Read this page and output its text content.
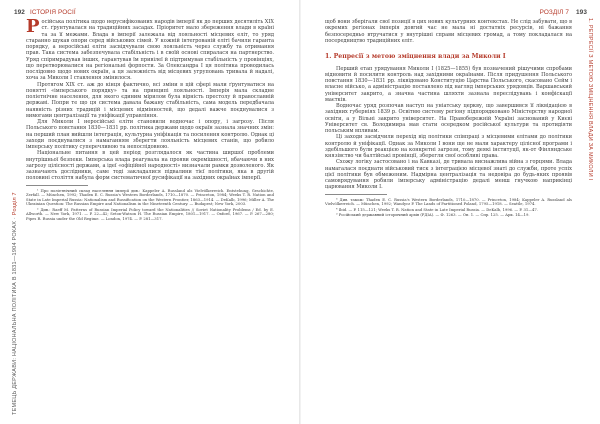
192 ІСТОРІЯ РОСІЇ
ТЕМЕЦЬ ДЕРЖАВИ: НАЦІОНАЛЬНА ПОЛІТИКА В 1831—1904 РОКАХ · Розділ 7

Російська політика щодо нерусифікованих народів імперії як до перших десятиліть XIX ст. ґрунтувалася на традиційних засадах. Пріоритет мало збереження влади в країні та за її межами. Влада в імперії залежала від лояльності місцевих еліт, то уряд старанно шукав опори серед військових сімей. У кожній інтегрованій еліті бачили гаранта порядку, а неросійські еліти засвідчували свою лояльність через службу та отримання прав. Така система забезпечувала стабільність і в своїй основі спиралася на партнерство. Уряд спіримрадував інших, гарантував їм привілеї й підтримував стабільність у провінціях, що перетворювалися на регіональні форпости. За Олександра I ця політика проводилась послідовно щодо нових окраїн, а ця залежність від місцевих угруповань тривала й надалі, хоча за Миколи I ставлення змінилося.

Протягом XIX ст. аж до кінця фактично, всі зміни в цій сфері мали ґрунтуватися на понятті «імперського порядку» та на принципі лояльності. Імперія мала складне поліетнічне населення, для якого єдиним мірилом була вірність престолу й православній державі. Попри те що ця система давала бажану стабільність, сама модель передбачала наявність різних традицій і місцевих відмінностей, що дедалі важче поєднувалися з вимогами централізації та уніфікації управління.

Для Миколи I неросійські еліти становили водночас і опору, і загрозу. Після Польського повстання 1830—1831 рр. політика держави щодо окраїн зазнала значних змін: на перший план вийшли інтеграція, культурна уніфікація та посилення контролю. Однак ці заходи поєднувалися з намаганням зберегти лояльність місцевих станів, що робило імперську політику суперечливою та непослідовною.

Національне питання в цей період розглядалося як частина ширшої проблеми внутрішньої безпеки. Імперська влада реагувала на прояви окремішності, вбачаючи в них загрозу цілісності держави, а ідеї «офіційної народності» визначали рамки дозволеного. Як зазначають дослідники, саме тоді закладалися підвалини тієї політики, яка в другій половині століття набула форм систематичної русифікації на західних окраїнах імперії.

¹ Про поліетнічний склад населення імперії див.: Kappeler A. Russland als Vielvölkerreich. Entstehung, Geschichte, Zerfall. — München, 1992; Thaden E. C. Russia's Western Borderlands, 1710—1870. — Princeton, 1984; Weeks T. R. Nation and State in Late Imperial Russia: Nationalism and Russification on the Western Frontier, 1863—1914. — DeKalb, 1996; Miller A. The Ukrainian Question: The Russian Empire and Nationalism in the Nineteenth Century. — Budapest; New York, 2003.

² Див.: Raeff M. Patterns of Russian Imperial Policy toward the Nationalities // Soviet Nationality Problems / Ed. by E. Allworth. — New York, 1971. — P. 22—42; Seton-Watson H. The Russian Empire, 1801—1917. — Oxford, 1967. — P. 267—280; Pipes R. Russia under the Old Regime. — London, 1974. — P. 281—317.

РОЗДІЛ 7 193
1. РЕПРЕСІЇ З МЕТОЮ ЗМІЦНЕННЯ ВЛАДИ ЗА МИКОЛИ I

щоб вони зберігали свої позиції в цих нових культурних контекстах. Не слід забувати, що в окремих регіонах імперія довгий час не мала ні достатніх ресурсів, ні бажання безпосередньо втручатися у внутрішні справи місцевих громад, а тому покладалася на посередництво традиційних еліт.

1. Репресії з метою зміцнення влади за Миколи I

Перший етап урядування Миколи I (1825—1855) був позначений рішучими спробами відновити й посилити контроль над західними окраїнами. Після придушення Польського повстання 1830—1831 рр. ліквідовано Конституцію Царства Польського, скасовано Сейм і власне військо, а адміністрацію поставлено під нагляд імперських урядовців. Варшавський університет закрито, а значна частина шляхти зазнала переслідувань і конфіскації маєтків.

Водночас уряд розпочав наступ на уніатську церкву, що завершився її ліквідацією в західних губерніях 1839 р. Освітню систему регіону підпорядковано Міністерству народної освіти, а у Вільні закрито університет. На Правобережній Україні заснований у Києві Університет св. Володимира мав стати осередком російської культури та протидіяти польським впливам.

Ці заходи засвідчили перехід від політики співпраці з місцевими елітами до політики контролю й уніфікації. Однак за Миколи I вони ще не мали характеру цілісної програми і здебільшого були реакцією на конкретні загрози, тому деякі інституції, як-от Фінляндське князівство чи балтійські провінції, зберегли свої особливі права.

Схожу логіку застосовано і на Кавказі, де тривала виснажлива війна з горцями. Влада намагалася поєднати військовий тиск з інтеграцією місцевої знаті до служби, проте успіх цієї політики був обмеженим. Надмірна централізація та недовіра до будь-яких проявів самоврядування робили імперську адміністрацію дедалі менш гнучкою наприкінці царювання Миколи I.

³ Див. також: Thaden E. C. Russia's Western Borderlands, 1710—1870. — Princeton, 1984; Kappeler A. Russland als Vielvölkerreich. — München, 1992; Wandycz P. The Lands of Partitioned Poland, 1795—1918. — Seattle, 1974.

⁴ Ibid. — P. 115—121; Weeks T. R. Nation and State in Late Imperial Russia. — DeKalb, 1996. — P. 31—47.

⁵ Російський державний історичний архів (РДІА). — Ф. 1263. — Оп. 1. — Спр. 125. — Арк. 14—19.
